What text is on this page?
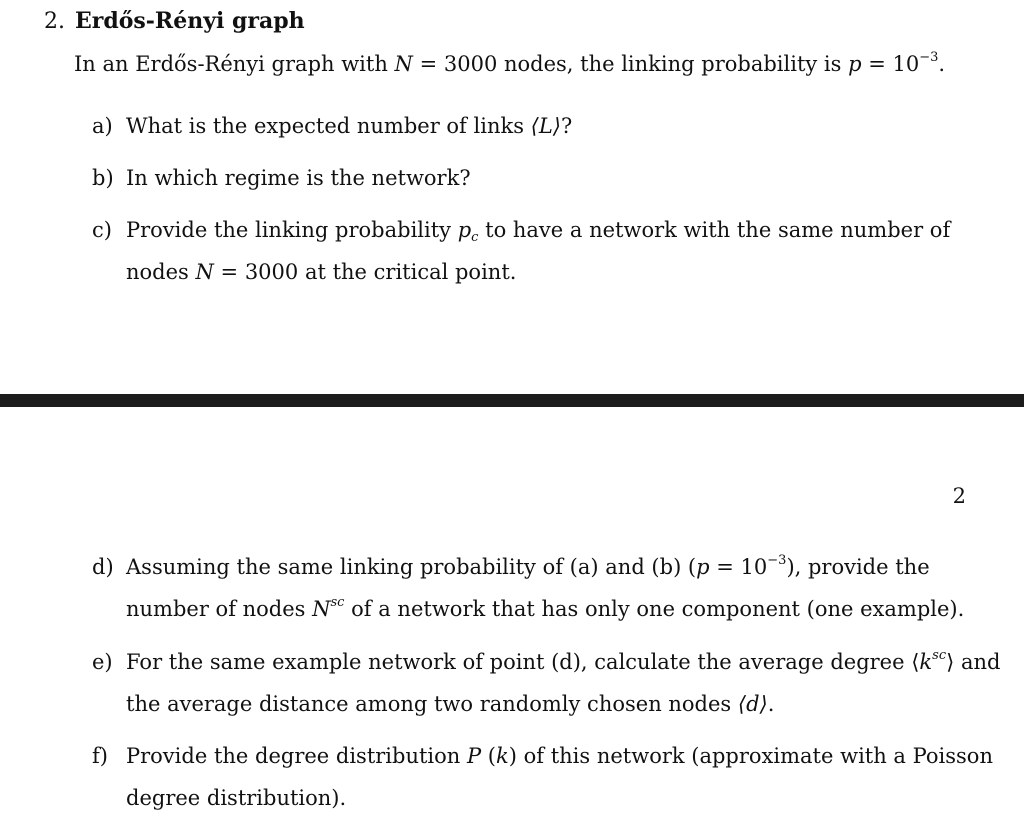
2. Erdős-Rényi graph
In an Erdős-Rényi graph with N = 3000 nodes, the linking probability is $p = 10^{-3}$.
a) What is the expected number of links ⟨L⟩?
b) In which regime is the network?
c) Provide the linking probability $p_c$ to have a network with the same number of
nodes N = 3000 at the critical point.
2
d) Assuming the same linking probability of (a) and (b) $(p = 10^{-3})$, provide the
number of nodes $N^{sc}$ of a network that has only one component (one example).
e) For the same example network of point (d), calculate the average degree $⟨k^{sc}⟩$ and
the average distance among two randomly chosen nodes ⟨d⟩.
f) Provide the degree distribution P (k) of this network (approximate with a Poisson
degree distribution).
